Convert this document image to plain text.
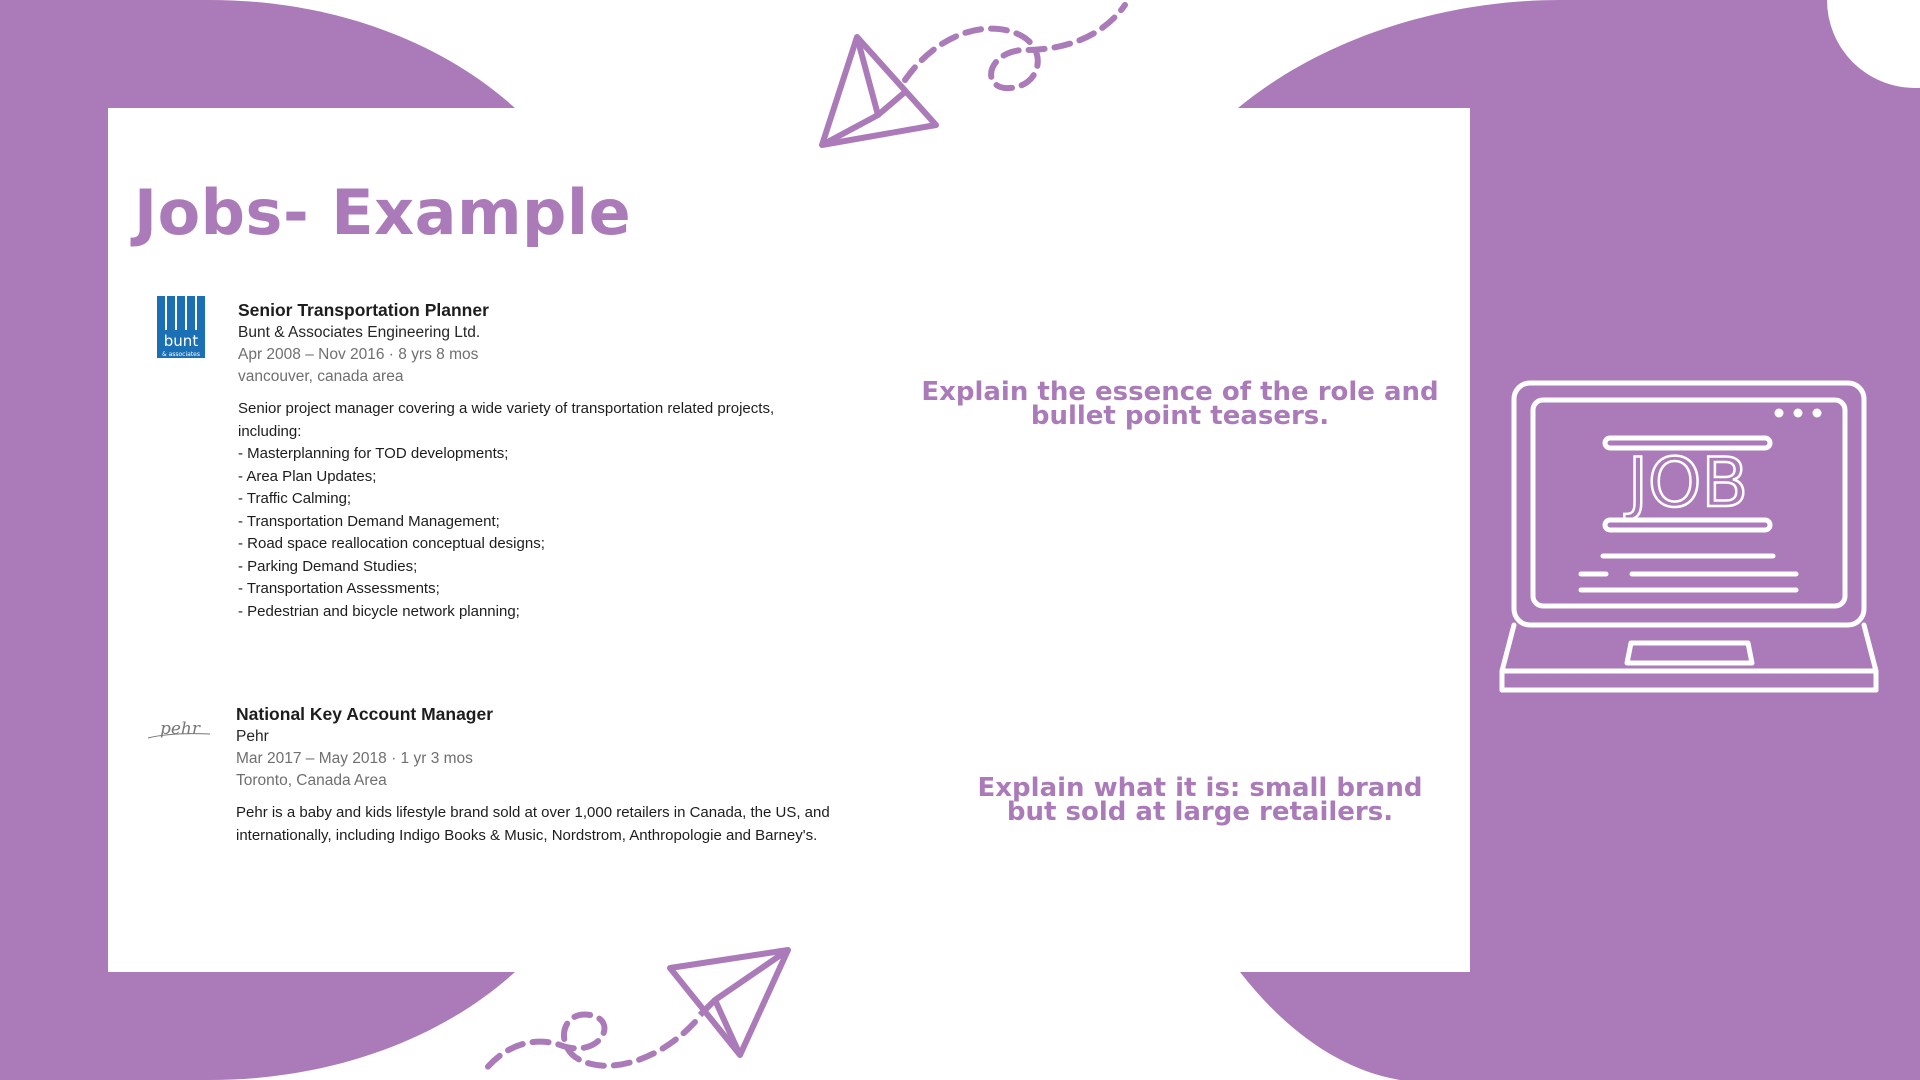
Jobs- Example
bunt
& associates
Senior Transportation Planner
Bunt & Associates Engineering Ltd.
Apr 2008 – Nov 2016 · 8 yrs 8 mos
vancouver, canada area
Senior project manager covering a wide variety of transportation related projects,
including:
- Masterplanning for TOD developments;
- Area Plan Updates;
- Traffic Calming;
- Transportation Demand Management;
- Road space reallocation conceptual designs;
- Parking Demand Studies;
- Transportation Assessments;
- Pedestrian and bicycle network planning;
pehr
National Key Account Manager
Pehr
Mar 2017 – May 2018 · 1 yr 3 mos
Toronto, Canada Area
Pehr is a baby and kids lifestyle brand sold at over 1,000 retailers in Canada, the US, and
internationally, including Indigo Books & Music, Nordstrom, Anthropologie and Barney's.
Explain the essence of the role and
bullet point teasers.
Explain what it is: small brand
but sold at large retailers.
JOB
